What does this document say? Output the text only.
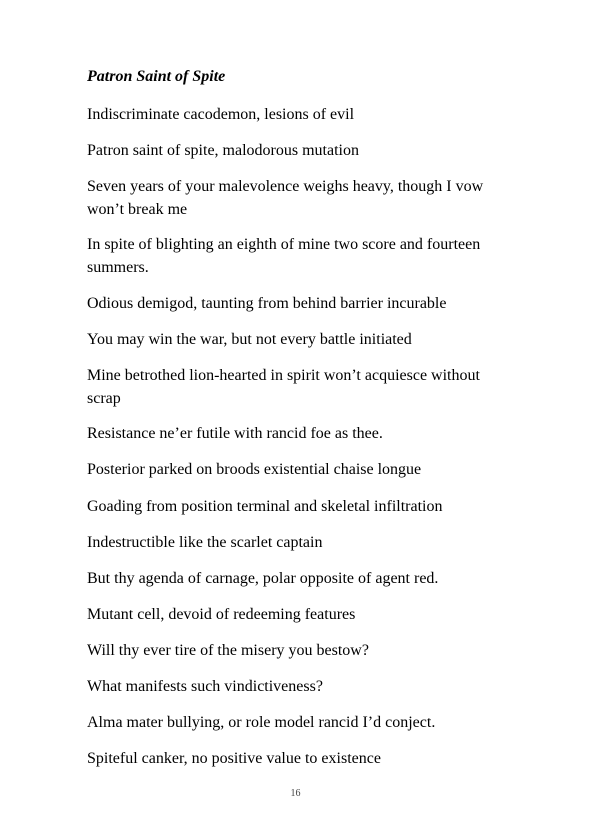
Patron Saint of Spite

Indiscriminate cacodemon, lesions of evil

Patron saint of spite, malodorous mutation

Seven years of your malevolence weighs heavy, though I vow won’t break me

In spite of blighting an eighth of mine two score and fourteen summers.

Odious demigod, taunting from behind barrier incurable

You may win the war, but not every battle initiated

Mine betrothed lion-hearted in spirit won’t acquiesce without scrap

Resistance ne’er futile with rancid foe as thee.

Posterior parked on broods existential chaise longue

Goading from position terminal and skeletal infiltration

Indestructible like the scarlet captain

But thy agenda of carnage, polar opposite of agent red.

Mutant cell, devoid of redeeming features

Will thy ever tire of the misery you bestow?

What manifests such vindictiveness?

Alma mater bullying, or role model rancid I’d conject.

Spiteful canker, no positive value to existence

16
